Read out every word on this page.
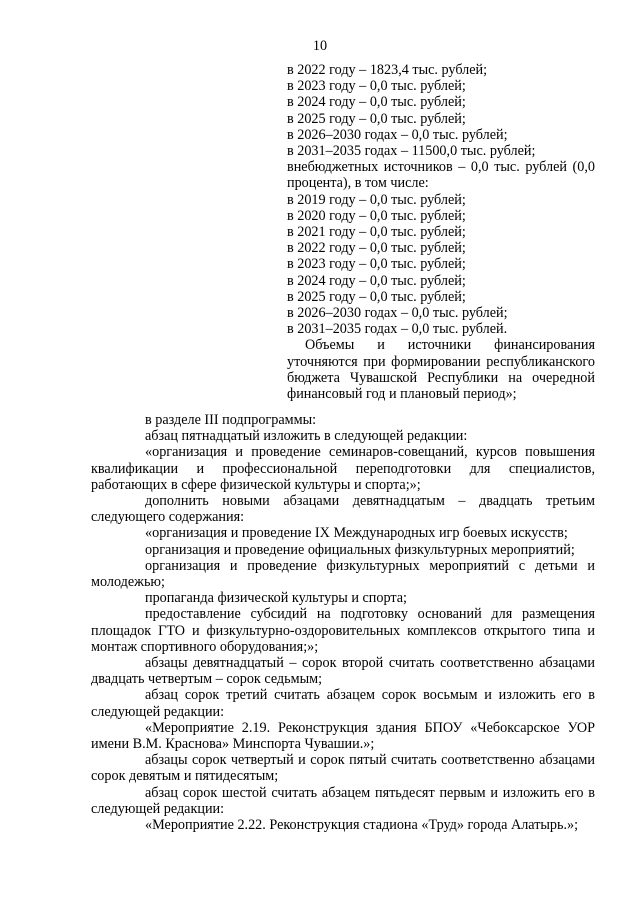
10
в 2022 году – 1823,4 тыс. рублей;
в 2023 году – 0,0 тыс. рублей;
в 2024 году – 0,0 тыс. рублей;
в 2025 году – 0,0 тыс. рублей;
в 2026–2030 годах – 0,0 тыс. рублей;
в 2031–2035 годах – 11500,0 тыс. рублей;
внебюджетных источников – 0,0 тыс. рублей (0,0 процента), в том числе:
в 2019 году – 0,0 тыс. рублей;
в 2020 году – 0,0 тыс. рублей;
в 2021 году – 0,0 тыс. рублей;
в 2022 году – 0,0 тыс. рублей;
в 2023 году – 0,0 тыс. рублей;
в 2024 году – 0,0 тыс. рублей;
в 2025 году – 0,0 тыс. рублей;
в 2026–2030 годах – 0,0 тыс. рублей;
в 2031–2035 годах – 0,0 тыс. рублей.
Объемы и источники финансирования уточняются при формировании республиканского бюджета Чувашской Республики на очередной финансовый год и плановый период»;
в разделе III подпрограммы:
абзац пятнадцатый изложить в следующей редакции:
«организация и проведение семинаров-совещаний, курсов повышения квалификации и профессиональной переподготовки для специалистов, работающих в сфере физической культуры и спорта;»;
дополнить новыми абзацами девятнадцатым – двадцать третьим следующего содержания:
«организация и проведение IX Международных игр боевых искусств;
организация и проведение официальных физкультурных мероприятий;
организация и проведение физкультурных мероприятий с детьми и молодежью;
пропаганда физической культуры и спорта;
предоставление субсидий на подготовку оснований для размещения площадок ГТО и физкультурно-оздоровительных комплексов открытого типа и монтаж спортивного оборудования;»;
абзацы девятнадцатый – сорок второй считать соответственно абзацами двадцать четвертым – сорок седьмым;
абзац сорок третий считать абзацем сорок восьмым и изложить его в следующей редакции:
«Мероприятие 2.19. Реконструкция здания БПОУ «Чебоксарское УОР имени В.М. Краснова» Минспорта Чувашии.»;
абзацы сорок четвертый и сорок пятый считать соответственно абзацами сорок девятым и пятидесятым;
абзац сорок шестой считать абзацем пятьдесят первым и изложить его в следующей редакции:
«Мероприятие 2.22. Реконструкция стадиона «Труд» города Алатырь.»;
